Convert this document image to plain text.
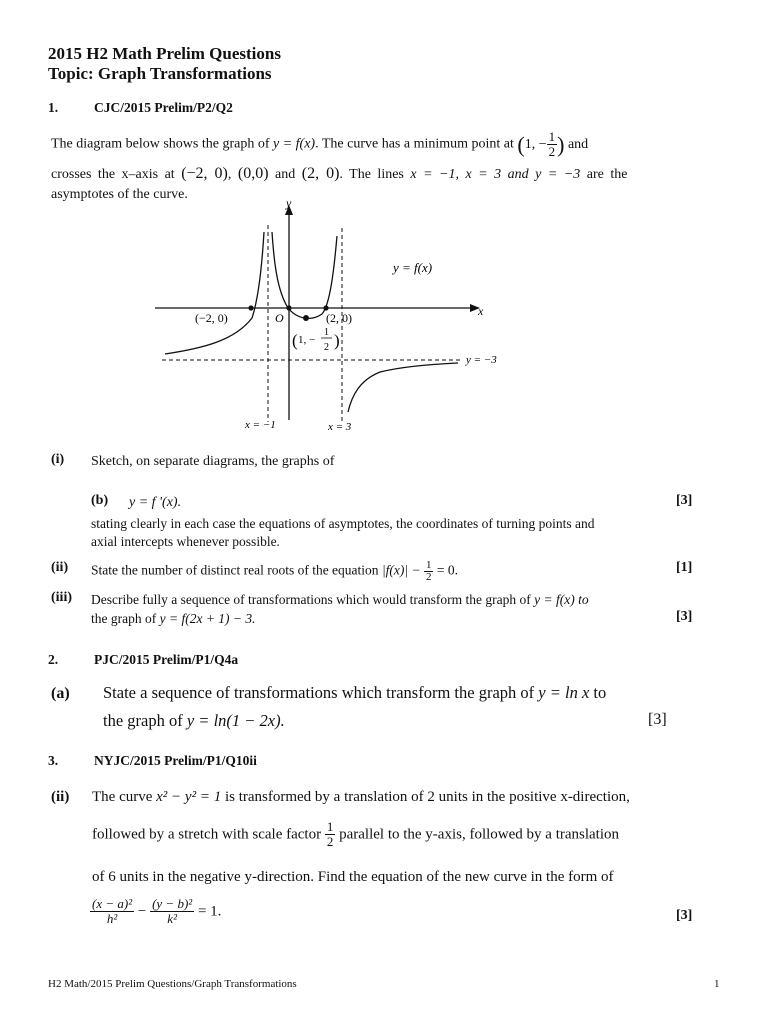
2015 H2 Math Prelim Questions
Topic: Graph Transformations
1.	CJC/2015 Prelim/P2/Q2
The diagram below shows the graph of y = f(x). The curve has a minimum point at (1, − $\frac{1}{2}$ ) and
crosses the x–axis at (−2, 0), (0,0) and (2, 0). The lines x = −1, x = 3 and y = −3 are the
asymptotes of the curve.
y
x
y = f(x)
O
(−2, 0)	(2, 0)
( 1, −
1
2 )
y = −3
x = −1	x = 3
(i) Sketch, on separate diagrams, the graphs of
(b) y = f '(x).	[3]
stating clearly in each case the equations of asymptotes, the coordinates of turning points and
axial intercepts whenever possible.
(ii) State the number of distinct real roots of the equation $|f(x)| - \frac{1}{2} = 0$.	[1]
(iii) Describe fully a sequence of transformations which would transform the graph of y = f(x) to
the graph of y = f(2x + 1) − 3.	[3]
2.	PJC/2015 Prelim/P1/Q4a
(a) State a sequence of transformations which transform the graph of y = ln x to
the graph of y = ln(1 − 2x).	[3]
3.	NYJC/2015 Prelim/P1/Q10ii
(ii) The curve x² − y² = 1 is transformed by a translation of 2 units in the positive x-direction,
followed by a stretch with scale factor $\frac{1}{2}$ parallel to the y-axis, followed by a translation
of 6 units in the negative y-direction. Find the equation of the new curve in the form of
$\frac{\text{(x − a)²}}{\text{h²}} - \frac{\text{(y − b)²}}{\text{k²}} = 1$.	[3]
H2 Math/2015 Prelim Questions/Graph Transformations	1
